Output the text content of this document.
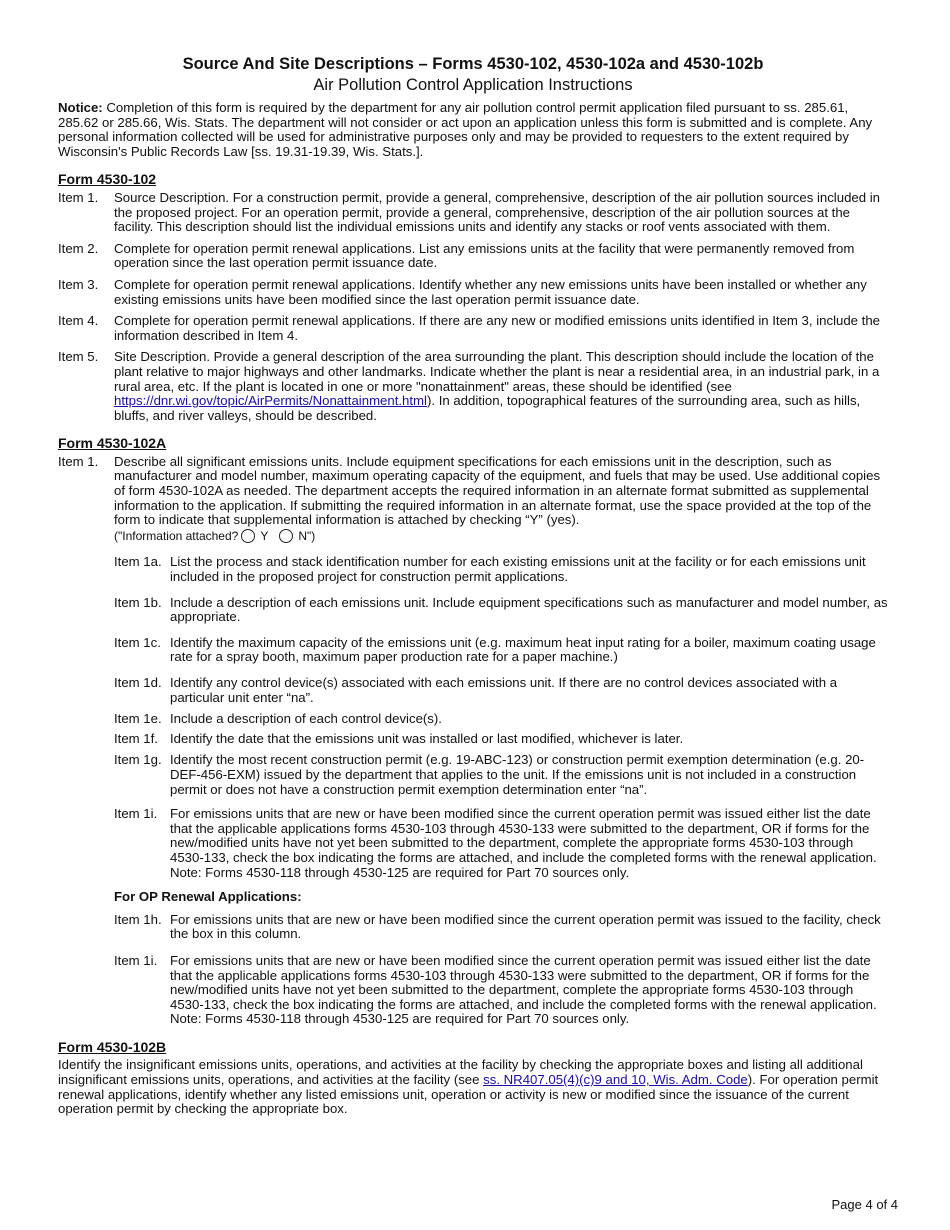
Source And Site Descriptions – Forms 4530-102, 4530-102a and 4530-102b
Air Pollution Control Application Instructions

Notice: Completion of this form is required by the department for any air pollution control permit application filed pursuant to ss. 285.61, 285.62 or 285.66, Wis. Stats. The department will not consider or act upon an application unless this form is submitted and is complete. Any personal information collected will be used for administrative purposes only and may be provided to requesters to the extent required by Wisconsin's Public Records Law [ss. 19.31-19.39, Wis. Stats.].

Form 4530-102
Item 1.	Source Description. For a construction permit, provide a general, comprehensive, description of the air pollution sources included in the proposed project. For an operation permit, provide a general, comprehensive, description of the air pollution sources at the facility. This description should list the individual emissions units and identify any stacks or roof vents associated with them.
Item 2.	Complete for operation permit renewal applications. List any emissions units at the facility that were permanently removed from operation since the last operation permit issuance date.
Item 3.	Complete for operation permit renewal applications. Identify whether any new emissions units have been installed or whether any existing emissions units have been modified since the last operation permit issuance date.
Item 4.	Complete for operation permit renewal applications. If there are any new or modified emissions units identified in Item 3, include the information described in Item 4.
Item 5.	Site Description. Provide a general description of the area surrounding the plant. This description should include the location of the plant relative to major highways and other landmarks. Indicate whether the plant is near a residential area, in an industrial park, in a rural area, etc. If the plant is located in one or more "nonattainment" areas, these should be identified (see https://dnr.wi.gov/topic/AirPermits/Nonattainment.html). In addition, topographical features of the surrounding area, such as hills, bluffs, and river valleys, should be described.
Form 4530-102A
Item 1.	Describe all significant emissions units. Include equipment specifications for each emissions unit in the description, such as manufacturer and model number, maximum operating capacity of the equipment, and fuels that may be used. Use additional copies of form 4530-102A as needed. The department accepts the required information in an alternate format submitted as supplemental information to the application. If submitting the required information in an alternate format, use the space provided at the top of the form to indicate that supplemental information is attached by checking “Y” (yes).
("Information attached? Y	N")
Item 1a. List the process and stack identification number for each existing emissions unit at the facility or for each emissions unit included in the proposed project for construction permit applications.
Item 1b. Include a description of each emissions unit. Include equipment specifications such as manufacturer and model number, as appropriate.
Item 1c. Identify the maximum capacity of the emissions unit (e.g. maximum heat input rating for a boiler, maximum coating usage rate for a spray booth, maximum paper production rate for a paper machine.)
Item 1d. Identify any control device(s) associated with each emissions unit. If there are no control devices associated with a particular unit enter “na”.
Item 1e. Include a description of each control device(s).
Item 1f. Identify the date that the emissions unit was installed or last modified, whichever is later.
Item 1g. Identify the most recent construction permit (e.g. 19-ABC-123) or construction permit exemption determination (e.g. 20-DEF-456-EXM) issued by the department that applies to the unit. If the emissions unit is not included in a construction permit or does not have a construction permit exemption determination enter “na”.
Item 1i. For emissions units that are new or have been modified since the current operation permit was issued either list the date that the applicable applications forms 4530-103 through 4530-133 were submitted to the department, OR if forms for the new/modified units have not yet been submitted to the department, complete the appropriate forms 4530-103 through 4530-133, check the box indicating the forms are attached, and include the completed forms with the renewal application. Note: Forms 4530-118 through 4530-125 are required for Part 70 sources only.
For OP Renewal Applications:
Item 1h. For emissions units that are new or have been modified since the current operation permit was issued to the facility, check the box in this column.
Item 1i. For emissions units that are new or have been modified since the current operation permit was issued either list the date that the applicable applications forms 4530-103 through 4530-133 were submitted to the department, OR if forms for the new/modified units have not yet been submitted to the department, complete the appropriate forms 4530-103 through 4530-133, check the box indicating the forms are attached, and include the completed forms with the renewal application. Note: Forms 4530-118 through 4530-125 are required for Part 70 sources only.
Form 4530-102B

Identify the insignificant emissions units, operations, and activities at the facility by checking the appropriate boxes and listing all additional insignificant emissions units, operations, and activities at the facility (see ss. NR407.05(4)(c)9 and 10, Wis. Adm. Code). For operation permit renewal applications, identify whether any listed emissions unit, operation or activity is new or modified since the issuance of the current operation permit by checking the appropriate box.

Page 4 of 4
